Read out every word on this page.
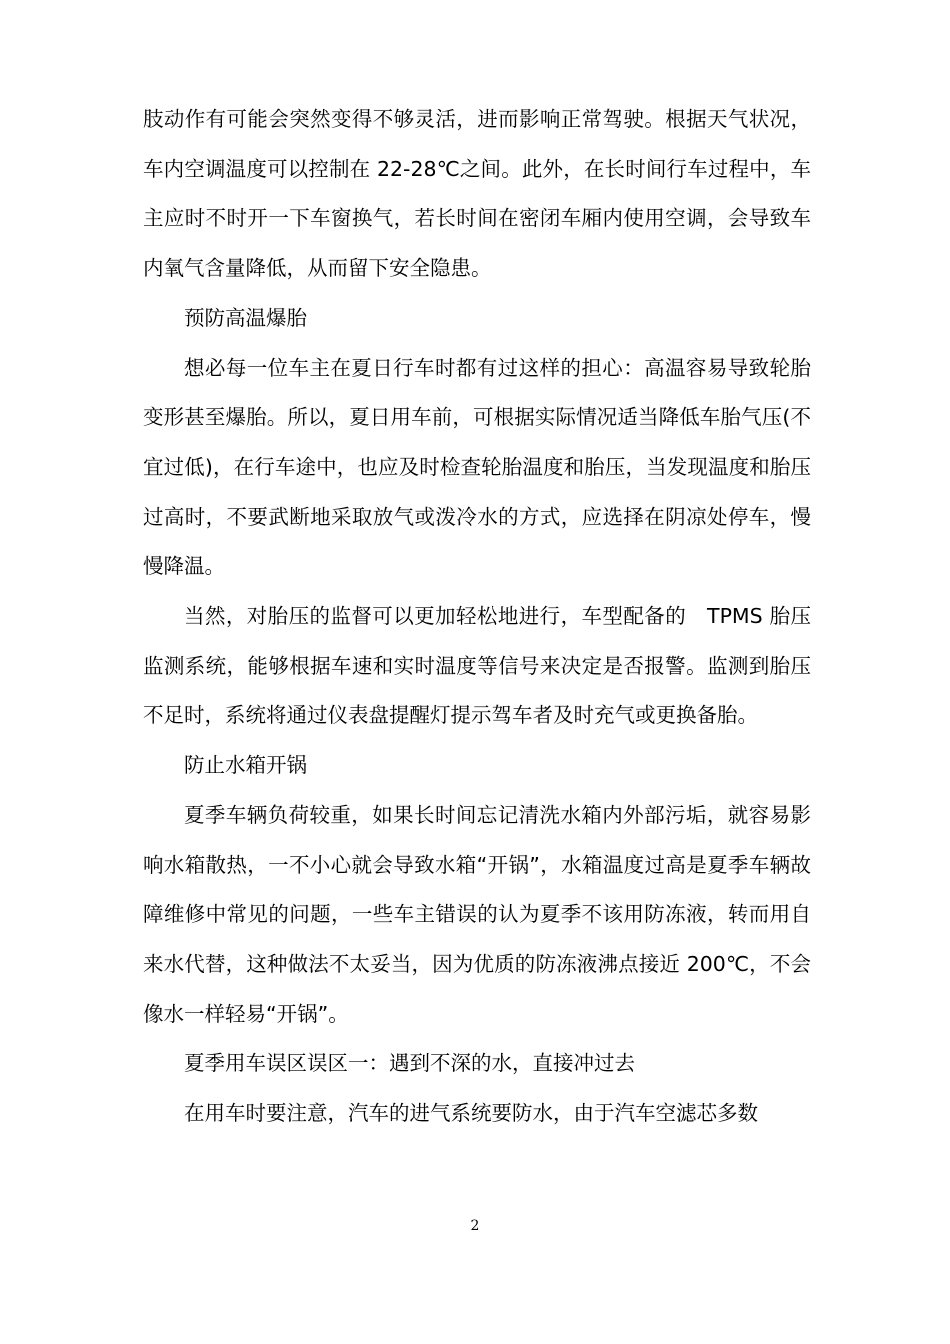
肢动作有可能会突然变得不够灵活，进而影响正常驾驶。根据天气状况，车内空调温度可以控制在 22-28℃之间。此外，在长时间行车过程中，车主应时不时开一下车窗换气，若长时间在密闭车厢内使用空调，会导致车内氧气含量降低，从而留下安全隐患。

预防高温爆胎

想必每一位车主在夏日行车时都有过这样的担心：高温容易导致轮胎变形甚至爆胎。所以，夏日用车前，可根据实际情况适当降低车胎气压(不宜过低)，在行车途中，也应及时检查轮胎温度和胎压，当发现温度和胎压过高时，不要武断地采取放气或泼冷水的方式，应选择在阴凉处停车，慢慢降温。

当然，对胎压的监督可以更加轻松地进行，车型配备的　TPMS 胎压监测系统，能够根据车速和实时温度等信号来决定是否报警。监测到胎压不足时，系统将通过仪表盘提醒灯提示驾车者及时充气或更换备胎。

防止水箱开锅

夏季车辆负荷较重，如果长时间忘记清洗水箱内外部污垢，就容易影响水箱散热，一不小心就会导致水箱“开锅”，水箱温度过高是夏季车辆故障维修中常见的问题，一些车主错误的认为夏季不该用防冻液，转而用自来水代替，这种做法不太妥当，因为优质的防冻液沸点接近 200℃，不会像水一样轻易“开锅”。

夏季用车误区误区一：遇到不深的水，直接冲过去

在用车时要注意，汽车的进气系统要防水，由于汽车空滤芯多数

2
